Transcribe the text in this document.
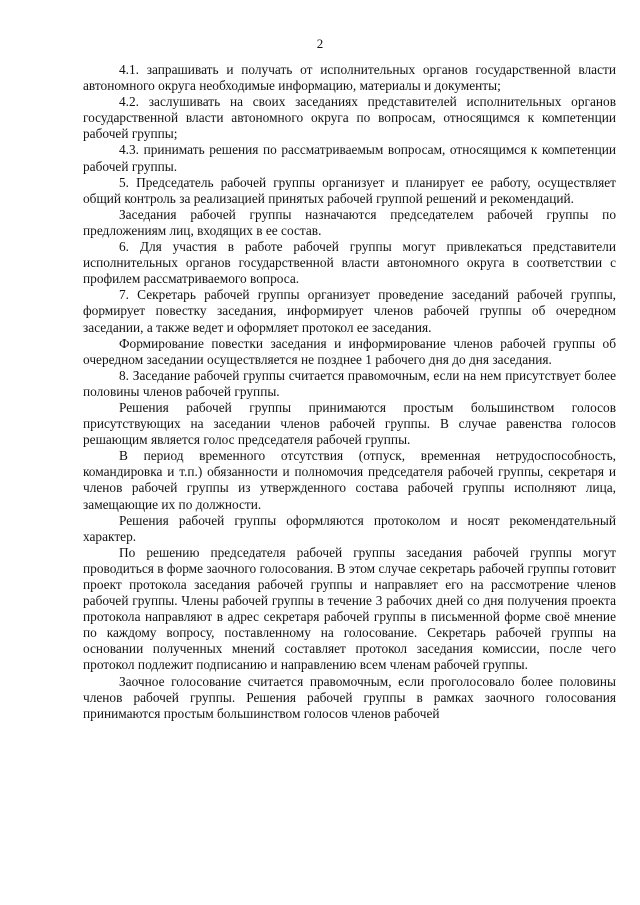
2

4.1. запрашивать и получать от исполнительных органов государственной власти автономного округа необходимые информацию, материалы и документы;

4.2. заслушивать на своих заседаниях представителей исполнительных органов государственной власти автономного округа по вопросам, относящимся к компетенции рабочей группы;

4.3. принимать решения по рассматриваемым вопросам, относящимся к компетенции рабочей группы.

5. Председатель рабочей группы организует и планирует ее работу, осуществляет общий контроль за реализацией принятых рабочей группой решений и рекомендаций.

Заседания рабочей группы назначаются председателем рабочей группы по предложениям лиц, входящих в ее состав.

6. Для участия в работе рабочей группы могут привлекаться представители исполнительных органов государственной власти автономного округа в соответствии с профилем рассматриваемого вопроса.

7. Секретарь рабочей группы организует проведение заседаний рабочей группы, формирует повестку заседания, информирует членов рабочей группы об очередном заседании, а также ведет и оформляет протокол ее заседания.

Формирование повестки заседания и информирование членов рабочей группы об очередном заседании осуществляется не позднее 1 рабочего дня до дня заседания.

8. Заседание рабочей группы считается правомочным, если на нем присутствует более половины членов рабочей группы.

Решения рабочей группы принимаются простым большинством голосов присутствующих на заседании членов рабочей группы. В случае равенства голосов решающим является голос председателя рабочей группы.

В период временного отсутствия (отпуск, временная нетрудоспособность, командировка и т.п.) обязанности и полномочия председателя рабочей группы, секретаря и членов рабочей группы из утвержденного состава рабочей группы исполняют лица, замещающие их по должности.

Решения рабочей группы оформляются протоколом и носят рекомендательный характер.

По решению председателя рабочей группы заседания рабочей группы могут проводиться в форме заочного голосования. В этом случае секретарь рабочей группы готовит проект протокола заседания рабочей группы и направляет его на рассмотрение членов рабочей группы. Члены рабочей группы в течение 3 рабочих дней со дня получения проекта протокола направляют в адрес секретаря рабочей группы в письменной форме своё мнение по каждому вопросу, поставленному на голосование. Секретарь рабочей группы на основании полученных мнений составляет протокол заседания комиссии, после чего протокол подлежит подписанию и направлению всем членам рабочей группы.

Заочное голосование считается правомочным, если проголосовало более половины членов рабочей группы. Решения рабочей группы в рамках заочного голосования принимаются простым большинством голосов членов рабочей
